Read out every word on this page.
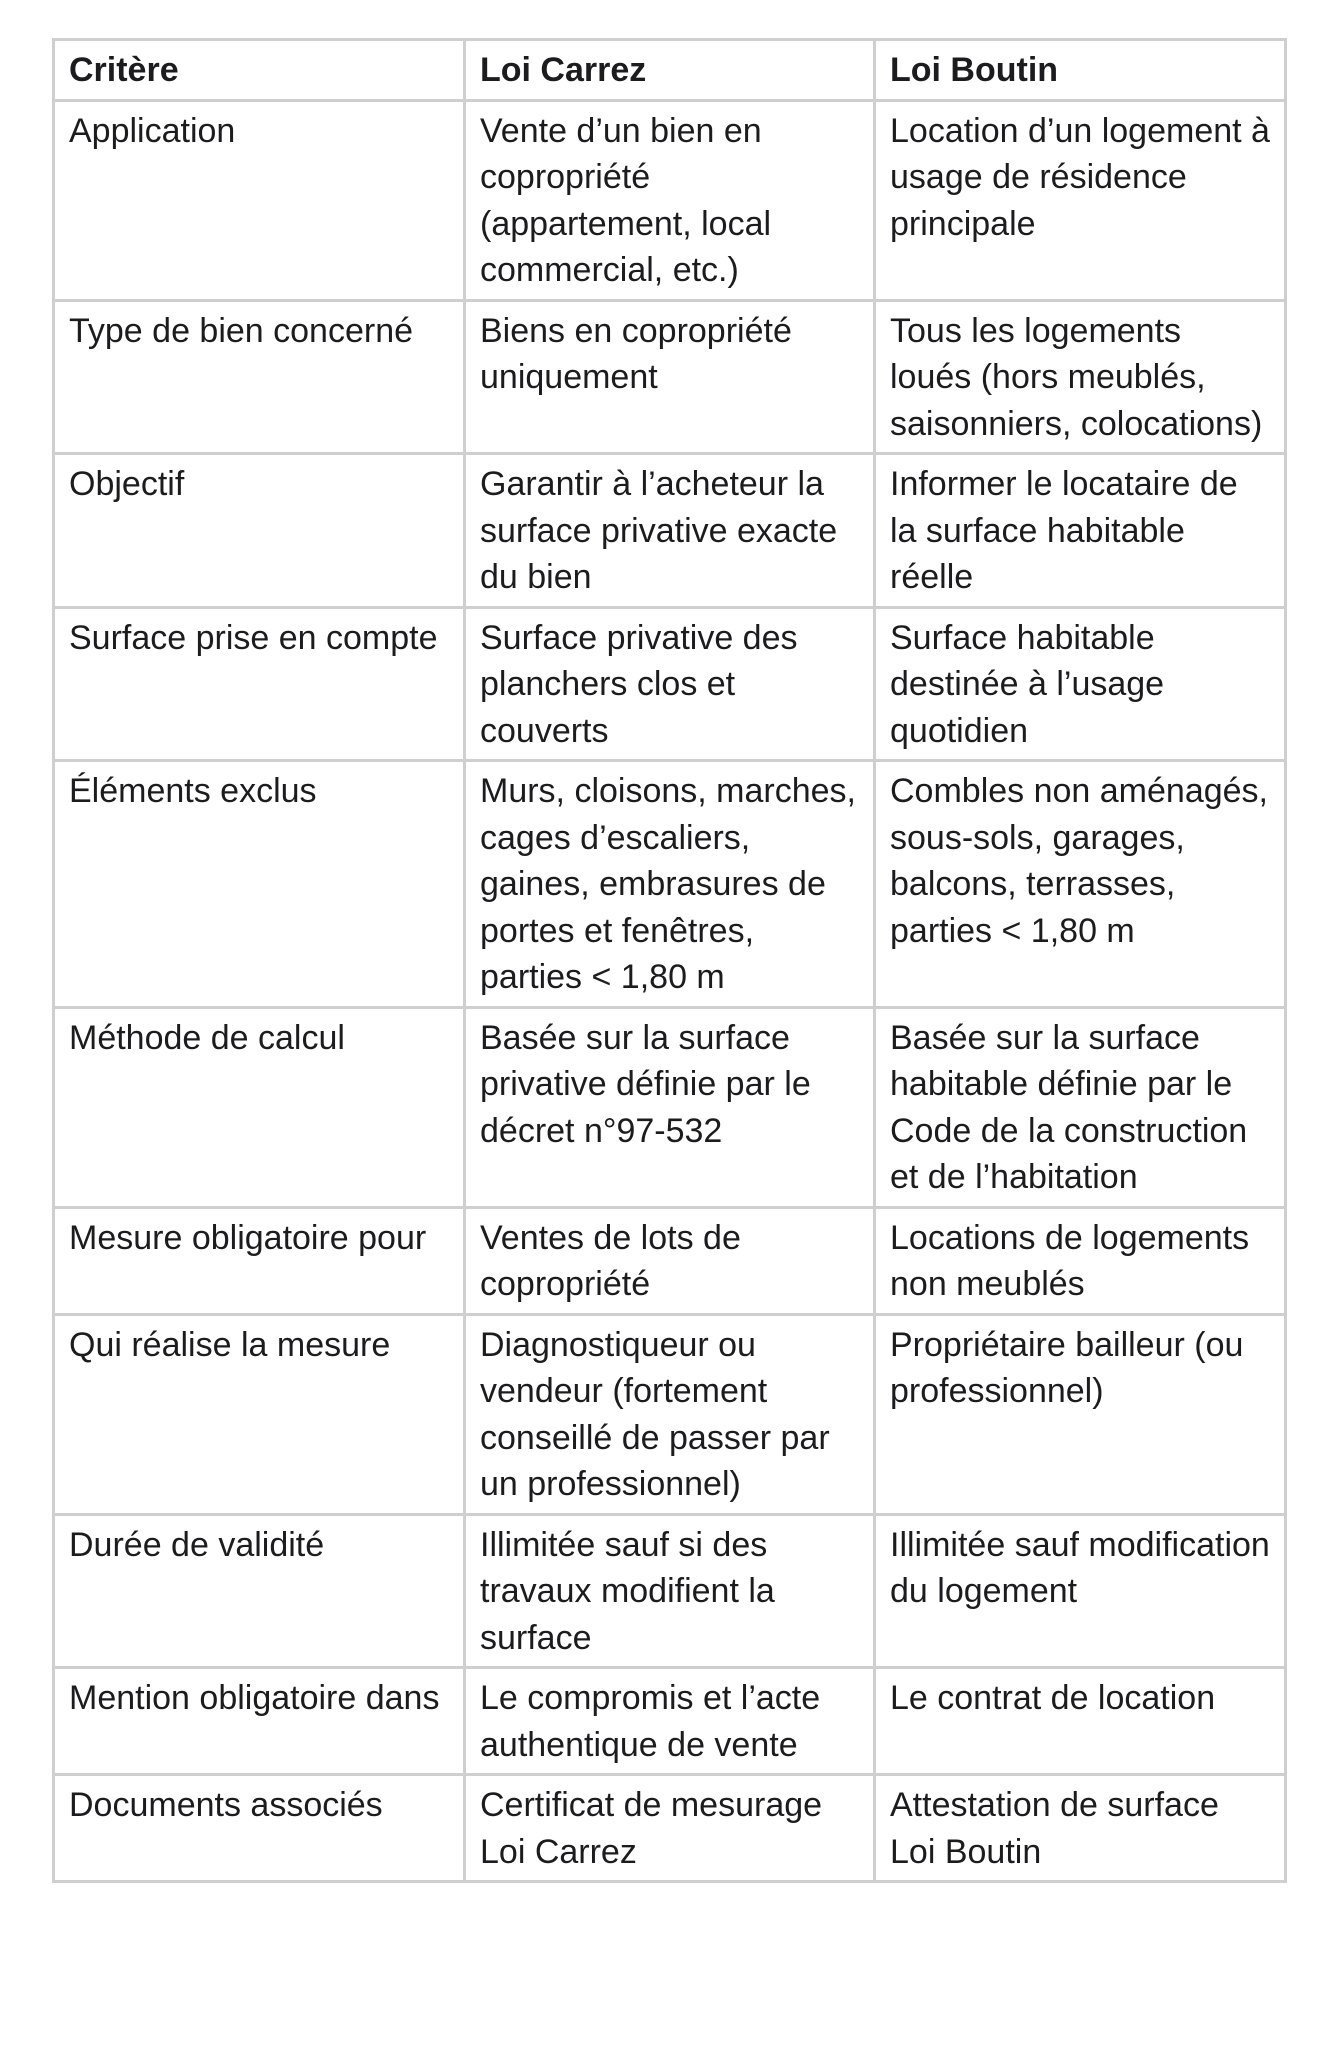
Critère	Loi Carrez	Loi Boutin
Application	Vente d’un bien en copropriété (appartement, local commercial, etc.)	Location d’un logement à usage de résidence principale
Type de bien concerné	Biens en copropriété uniquement	Tous les logements loués (hors meublés, saisonniers, colocations)
Objectif	Garantir à l’acheteur la surface privative exacte du bien	Informer le locataire de la surface habitable réelle
Surface prise en compte	Surface privative des planchers clos et couverts	Surface habitable destinée à l’usage quotidien
Éléments exclus	Murs, cloisons, marches, cages d’escaliers, gaines, embrasures de portes et fenêtres, parties < 1,80 m	Combles non aménagés, sous-sols, garages, balcons, terrasses, parties < 1,80 m
Méthode de calcul	Basée sur la surface privative définie par le décret n°97-532	Basée sur la surface habitable définie par le Code de la construction et de l’habitation
Mesure obligatoire pour	Ventes de lots de copropriété	Locations de logements non meublés
Qui réalise la mesure	Diagnostiqueur ou vendeur (fortement conseillé de passer par un professionnel)	Propriétaire bailleur (ou professionnel)
Durée de validité	Illimitée sauf si des travaux modifient la surface	Illimitée sauf modification du logement
Mention obligatoire dans	Le compromis et l’acte authentique de vente	Le contrat de location
Documents associés	Certificat de mesurage Loi Carrez	Attestation de surface Loi Boutin
